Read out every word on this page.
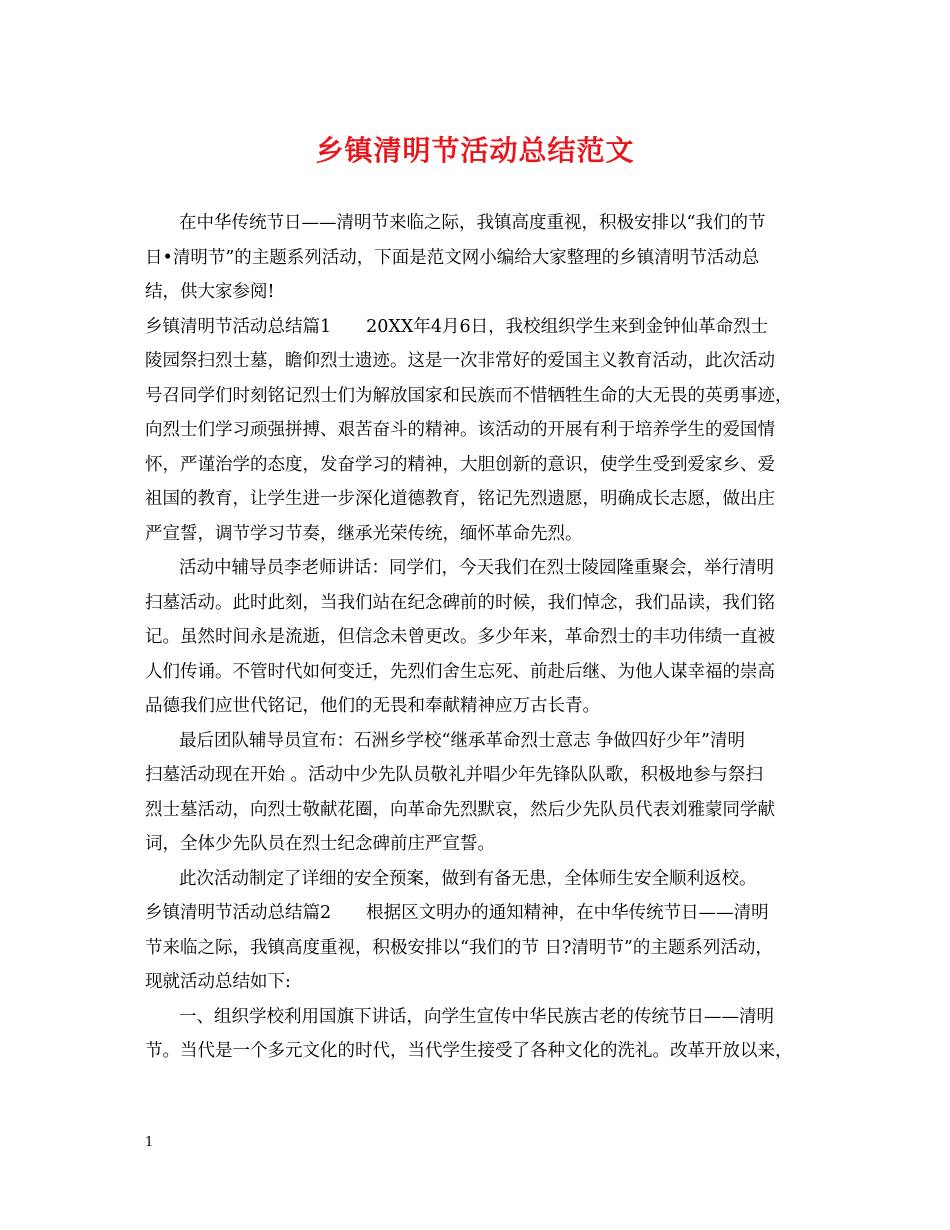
乡镇清明节活动总结范文
在中华传统节日——清明节来临之际，我镇高度重视，积极安排以“我们的节
日•清明节”的主题系列活动，下面是范文网小编给大家整理的乡镇清明节活动总
结，供大家参阅!
乡镇清明节活动总结篇1　　20XX年4月6日，我校组织学生来到金钟仙革命烈士
陵园祭扫烈士墓，瞻仰烈士遗迹。这是一次非常好的爱国主义教育活动，此次活动
号召同学们时刻铭记烈士们为解放国家和民族而不惜牺牲生命的大无畏的英勇事迹，
向烈士们学习顽强拼搏、艰苦奋斗的精神。该活动的开展有利于培养学生的爱国情
怀，严谨治学的态度，发奋学习的精神，大胆创新的意识，使学生受到爱家乡、爱
祖国的教育，让学生进一步深化道德教育，铭记先烈遗愿，明确成长志愿，做出庄
严宣誓，调节学习节奏，继承光荣传统，缅怀革命先烈。
活动中辅导员李老师讲话：同学们，今天我们在烈士陵园隆重聚会，举行清明
扫墓活动。此时此刻，当我们站在纪念碑前的时候，我们悼念，我们品读，我们铭
记。虽然时间永是流逝，但信念未曾更改。多少年来，革命烈士的丰功伟绩一直被
人们传诵。不管时代如何变迁，先烈们舍生忘死、前赴后继、为他人谋幸福的崇高
品德我们应世代铭记，他们的无畏和奉献精神应万古长青。
最后团队辅导员宣布：石洲乡学校“继承革命烈士意志 争做四好少年”清明
扫墓活动现在开始 。活动中少先队员敬礼并唱少年先锋队队歌，积极地参与祭扫
烈士墓活动，向烈士敬献花圈，向革命先烈默哀，然后少先队员代表刘雅蒙同学献
词，全体少先队员在烈士纪念碑前庄严宣誓。
此次活动制定了详细的安全预案，做到有备无患，全体师生安全顺利返校。
乡镇清明节活动总结篇2　　根据区文明办的通知精神，在中华传统节日——清明
节来临之际，我镇高度重视，积极安排以“我们的节 日?清明节”的主题系列活动，
现就活动总结如下:
一、组织学校利用国旗下讲话，向学生宣传中华民族古老的传统节日——清明
节。当代是一个多元文化的时代，当代学生接受了各种文化的洗礼。改革开放以来，
1
